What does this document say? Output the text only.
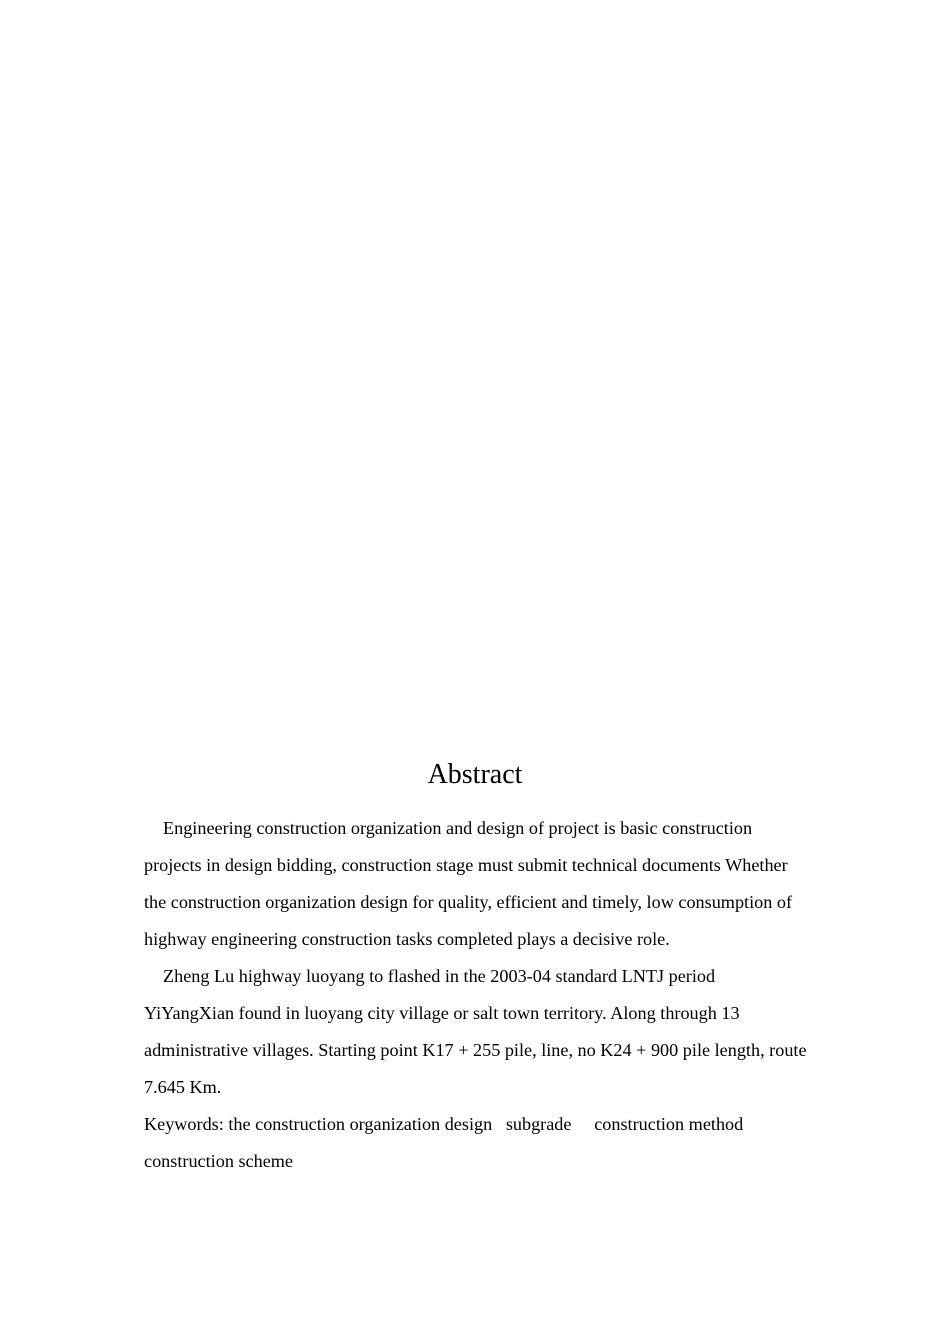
Abstract

Engineering construction organization and design of project is basic construction projects in design bidding, construction stage must submit technical documents Whether the construction organization design for quality, efficient and timely, low consumption of highway engineering construction tasks completed plays a decisive role.

Zheng Lu highway luoyang to flashed in the 2003-04 standard LNTJ period YiYangXian found in luoyang city village or salt town territory. Along through 13 administrative villages. Starting point K17 + 255 pile, line, no K24 + 900 pile length, route 7.645 Km.

Keywords: the construction organization design   subgrade     construction method construction scheme
